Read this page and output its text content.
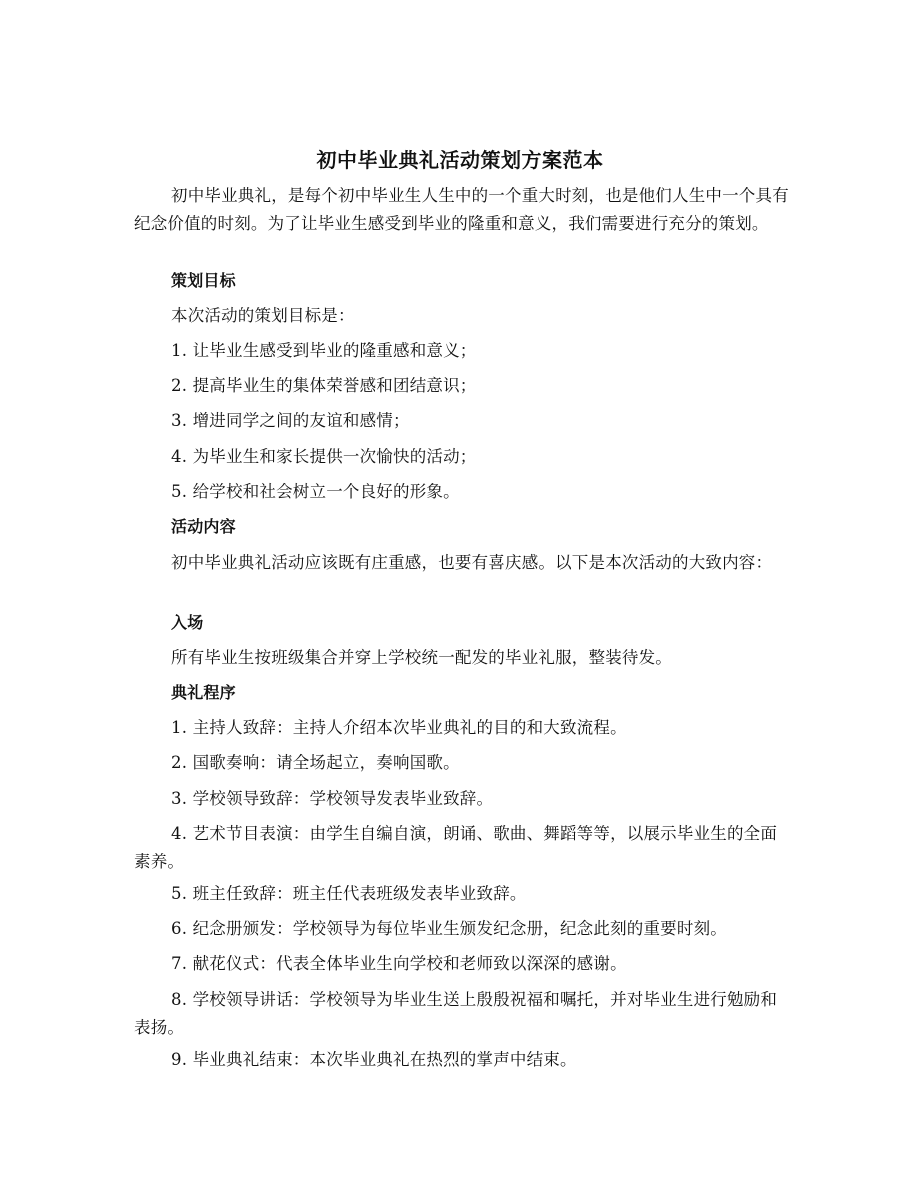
初中毕业典礼活动策划方案范本

初中毕业典礼，是每个初中毕业生人生中的一个重大时刻，也是他们人生中一个具有纪念价值的时刻。为了让毕业生感受到毕业的隆重和意义，我们需要进行充分的策划。

策划目标

本次活动的策划目标是：

1. 让毕业生感受到毕业的隆重感和意义；

2. 提高毕业生的集体荣誉感和团结意识；

3. 增进同学之间的友谊和感情；

4. 为毕业生和家长提供一次愉快的活动；

5. 给学校和社会树立一个良好的形象。

活动内容

初中毕业典礼活动应该既有庄重感，也要有喜庆感。以下是本次活动的大致内容：

入场

所有毕业生按班级集合并穿上学校统一配发的毕业礼服，整装待发。

典礼程序

1. 主持人致辞：主持人介绍本次毕业典礼的目的和大致流程。

2. 国歌奏响：请全场起立，奏响国歌。

3. 学校领导致辞：学校领导发表毕业致辞。

4. 艺术节目表演：由学生自编自演，朗诵、歌曲、舞蹈等等，以展示毕业生的全面素养。

5. 班主任致辞：班主任代表班级发表毕业致辞。

6. 纪念册颁发：学校领导为每位毕业生颁发纪念册，纪念此刻的重要时刻。

7. 献花仪式：代表全体毕业生向学校和老师致以深深的感谢。

8. 学校领导讲话：学校领导为毕业生送上殷殷祝福和嘱托，并对毕业生进行勉励和表扬。

9. 毕业典礼结束：本次毕业典礼在热烈的掌声中结束。
